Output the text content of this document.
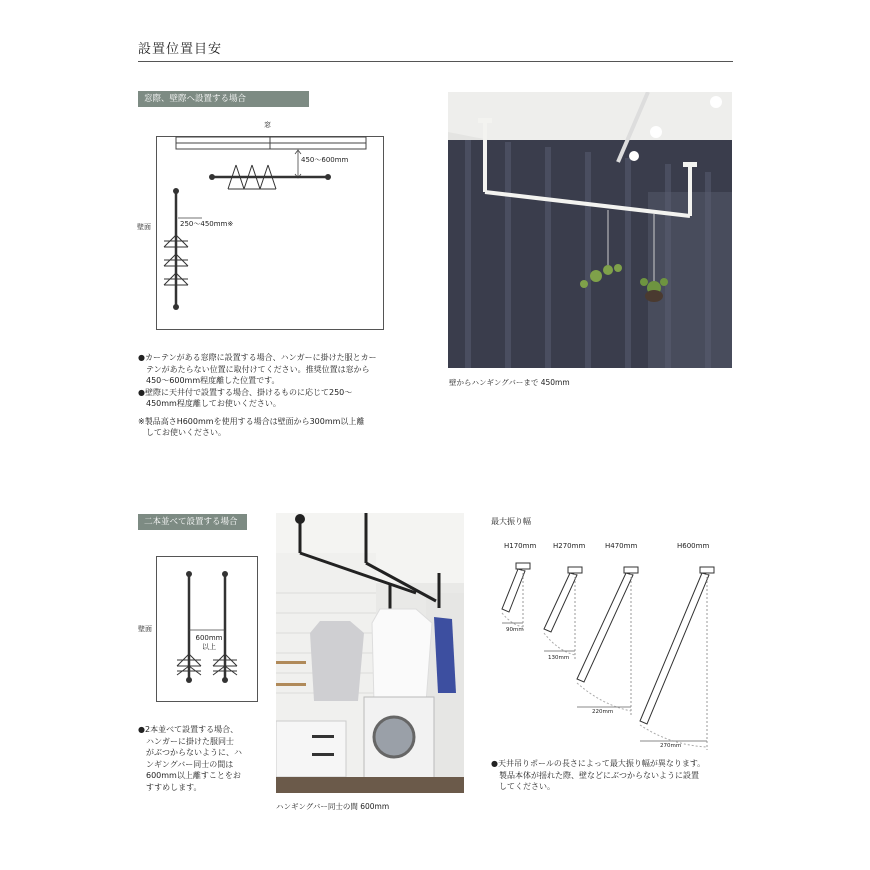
設置位置目安
窓際、壁際へ設置する場合
窓
450〜600mm
壁面	250〜450mm※
●カーテンがある窓際に設置する場合、ハンガーに掛けた服とカー
　テンがあたらない位置に取付けてください。推奨位置は窓から
　450〜600mm程度離した位置です。
●壁際に天井付で設置する場合、掛けるものに応じて250〜
　450mm程度離してお使いください。
※製品高さH600mmを使用する場合は壁面から300mm以上離
　してお使いください。
壁からハンギングバーまで 450mm
二本並べて設置する場合
壁面
600mm
以上
●2本並べて設置する場合、
　ハンガーに掛けた服同士
　がぶつからないように、ハ
　ンギングバー同士の間は
　600mm以上離すことをお
　すすめします。
ハンギングバー同士の間 600mm
最大振り幅
H170mm H270mm	H470mm	H600mm
90mm
130mm
220mm
270mm
●天井吊りポールの長さによって最大振り幅が異なります。
　製品本体が揺れた際、壁などにぶつからないように設置
　してください。
